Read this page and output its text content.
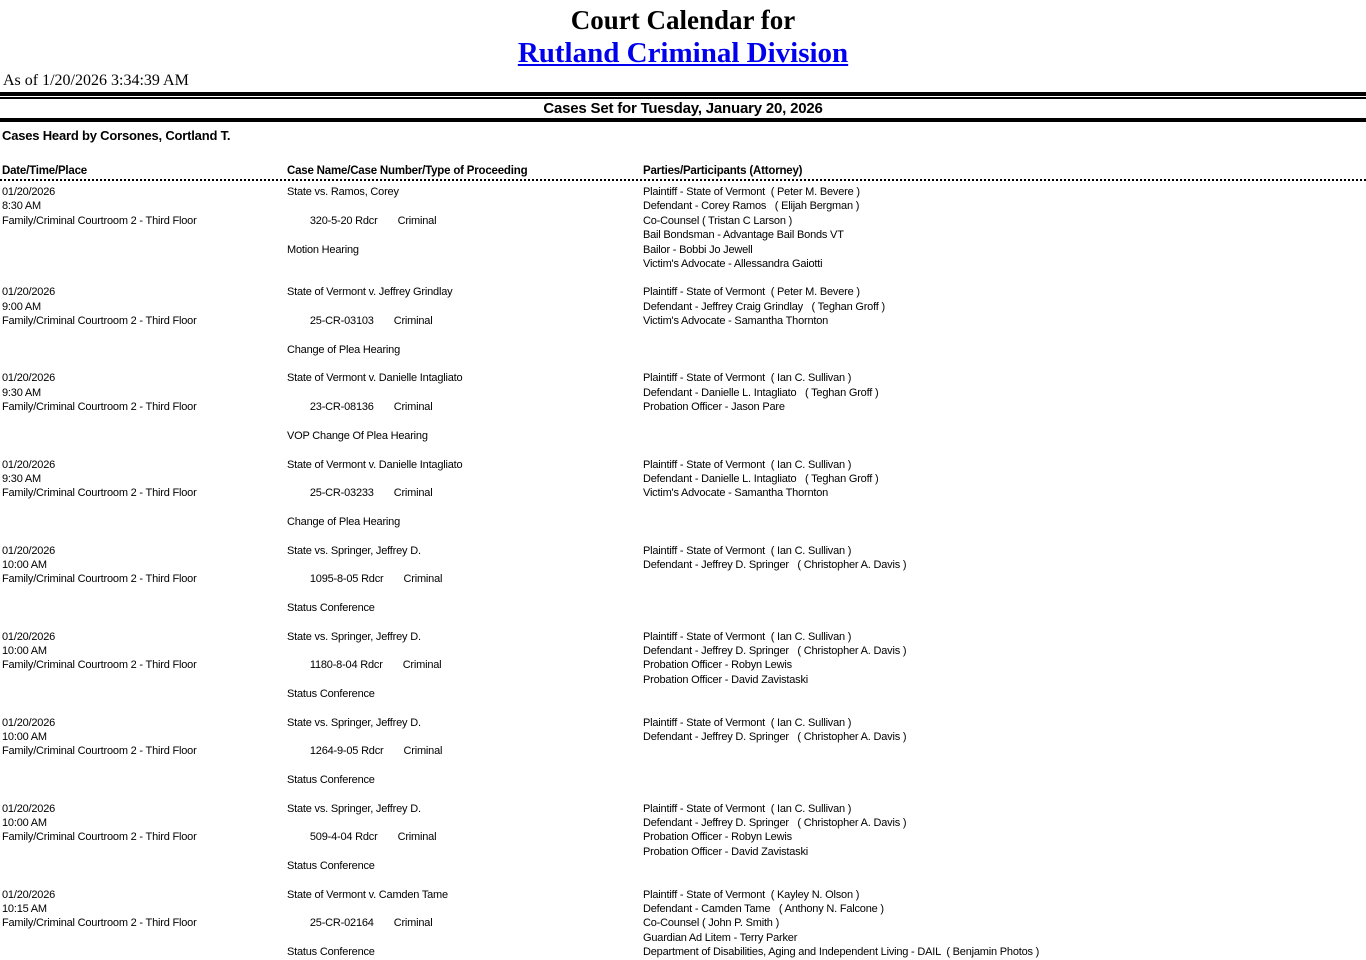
Court Calendar for
Rutland Criminal Division
As of 1/20/2026 3:34:39 AM
Cases Set for Tuesday, January 20, 2026
Cases Heard by Corsones, Cortland T.
Date/Time/Place	Case Name/Case Number/Type of Proceeding	Parties/Participants (Attorney)
01/20/2026
8:30 AM
Family/Criminal Courtroom 2 - Third Floor
State vs. Ramos, Corey

320-5-20 Rdcr Criminal

Motion Hearing
Plaintiff - State of Vermont  ( Peter M. Bevere )
Defendant - Corey Ramos   ( Elijah Bergman )
Co-Counsel ( Tristan C Larson )
Bail Bondsman - Advantage Bail Bonds VT
Bailor - Bobbi Jo Jewell
Victim's Advocate - Allessandra Gaiotti
01/20/2026
9:00 AM
Family/Criminal Courtroom 2 - Third Floor
State of Vermont v. Jeffrey Grindlay

25-CR-03103 Criminal

Change of Plea Hearing
Plaintiff - State of Vermont  ( Peter M. Bevere )
Defendant - Jeffrey Craig Grindlay   ( Teghan Groff )
Victim's Advocate - Samantha Thornton
01/20/2026
9:30 AM
Family/Criminal Courtroom 2 - Third Floor
State of Vermont v. Danielle Intagliato

23-CR-08136 Criminal

VOP Change Of Plea Hearing
Plaintiff - State of Vermont  ( Ian C. Sullivan )
Defendant - Danielle L. Intagliato   ( Teghan Groff )
Probation Officer - Jason Pare
01/20/2026
9:30 AM
Family/Criminal Courtroom 2 - Third Floor
State of Vermont v. Danielle Intagliato

25-CR-03233 Criminal

Change of Plea Hearing
Plaintiff - State of Vermont  ( Ian C. Sullivan )
Defendant - Danielle L. Intagliato   ( Teghan Groff )
Victim's Advocate - Samantha Thornton
01/20/2026
10:00 AM
Family/Criminal Courtroom 2 - Third Floor
State vs. Springer, Jeffrey D.

1095-8-05 Rdcr Criminal

Status Conference
Plaintiff - State of Vermont  ( Ian C. Sullivan )
Defendant - Jeffrey D. Springer   ( Christopher A. Davis )
01/20/2026
10:00 AM
Family/Criminal Courtroom 2 - Third Floor
State vs. Springer, Jeffrey D.

1180-8-04 Rdcr Criminal

Status Conference
Plaintiff - State of Vermont  ( Ian C. Sullivan )
Defendant - Jeffrey D. Springer   ( Christopher A. Davis )
Probation Officer - Robyn Lewis
Probation Officer - David Zavistaski
01/20/2026
10:00 AM
Family/Criminal Courtroom 2 - Third Floor
State vs. Springer, Jeffrey D.

1264-9-05 Rdcr Criminal

Status Conference
Plaintiff - State of Vermont  ( Ian C. Sullivan )
Defendant - Jeffrey D. Springer   ( Christopher A. Davis )
01/20/2026
10:00 AM
Family/Criminal Courtroom 2 - Third Floor
State vs. Springer, Jeffrey D.

509-4-04 Rdcr Criminal

Status Conference
Plaintiff - State of Vermont  ( Ian C. Sullivan )
Defendant - Jeffrey D. Springer   ( Christopher A. Davis )
Probation Officer - Robyn Lewis
Probation Officer - David Zavistaski
01/20/2026
10:15 AM
Family/Criminal Courtroom 2 - Third Floor
State of Vermont v. Camden Tame

25-CR-02164 Criminal

Status Conference
Plaintiff - State of Vermont  ( Kayley N. Olson )
Defendant - Camden Tame   ( Anthony N. Falcone )
Co-Counsel ( John P. Smith )
Guardian Ad Litem - Terry Parker
Department of Disabilities, Aging and Independent Living - DAIL  ( Benjamin Photos )
